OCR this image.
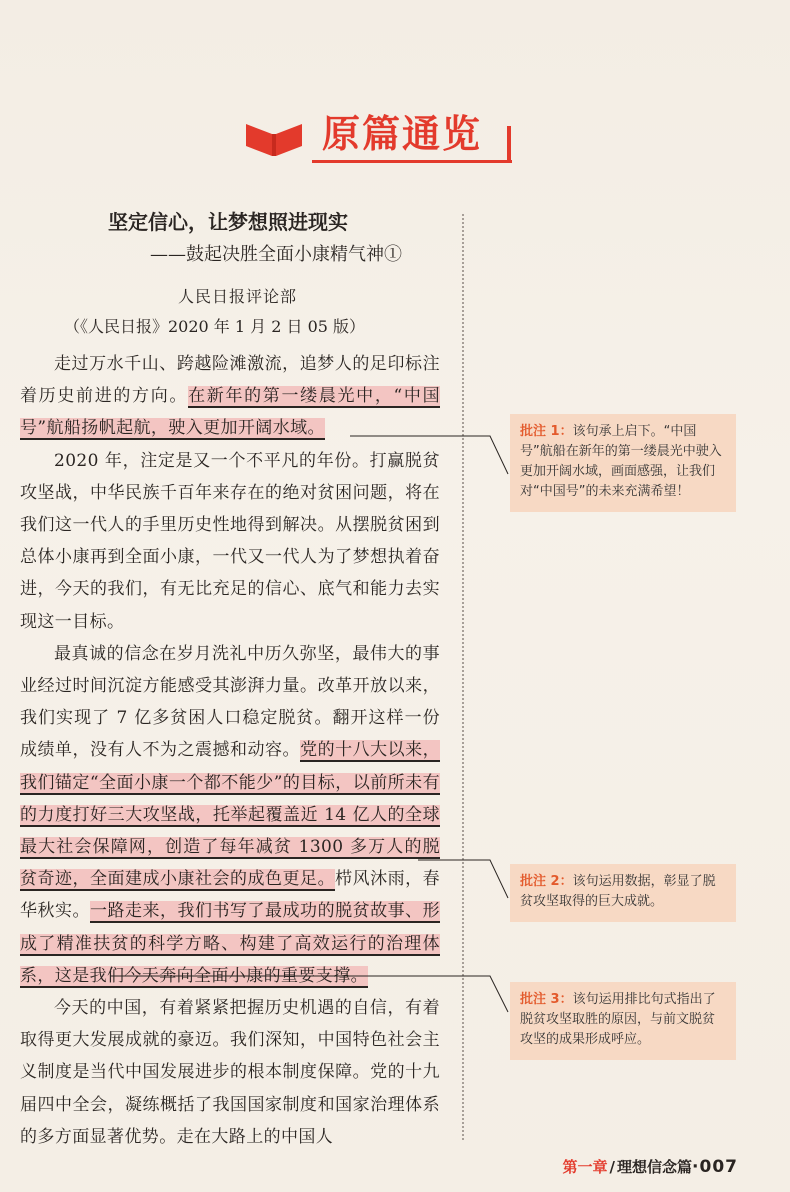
原篇通览
坚定信心，让梦想照进现实
——鼓起决胜全面小康精气神①
人民日报评论部
（《人民日报》2020 年 1 月 2 日 05 版）

走过万水千山、跨越险滩激流，追梦人的足印标注着历史前进的方向。在新年的第一缕晨光中，“中国号”航船扬帆起航，驶入更加开阔水域。

2020 年，注定是又一个不平凡的年份。打赢脱贫攻坚战，中华民族千百年来存在的绝对贫困问题，将在我们这一代人的手里历史性地得到解决。从摆脱贫困到总体小康再到全面小康，一代又一代人为了梦想执着奋进，今天的我们，有无比充足的信心、底气和能力去实现这一目标。

最真诚的信念在岁月洗礼中历久弥坚，最伟大的事业经过时间沉淀方能感受其澎湃力量。改革开放以来，我们实现了 7 亿多贫困人口稳定脱贫。翻开这样一份成绩单，没有人不为之震撼和动容。党的十八大以来，我们锚定“全面小康一个都不能少”的目标，以前所未有的力度打好三大攻坚战，托举起覆盖近 14 亿人的全球最大社会保障网，创造了每年减贫 1300 多万人的脱贫奇迹，全面建成小康社会的成色更足。栉风沐雨，春华秋实。一路走来，我们书写了最成功的脱贫故事、形成了精准扶贫的科学方略、构建了高效运行的治理体系，这是我们今天奔向全面小康的重要支撑。

今天的中国，有着紧紧把握历史机遇的自信，有着取得更大发展成就的豪迈。我们深知，中国特色社会主义制度是当代中国发展进步的根本制度保障。党的十九届四中全会，凝练概括了我国国家制度和国家治理体系的多方面显著优势。走在大路上的中国人

批注 1：该句承上启下。“中国号”航船在新年的第一缕晨光中驶入更加开阔水域，画面感强，让我们对“中国号”的未来充满希望！
批注 2：该句运用数据，彰显了脱贫攻坚取得的巨大成就。
批注 3：该句运用排比句式指出了脱贫攻坚取胜的原因，与前文脱贫攻坚的成果形成呼应。
第一章 / 理想信念篇·007
